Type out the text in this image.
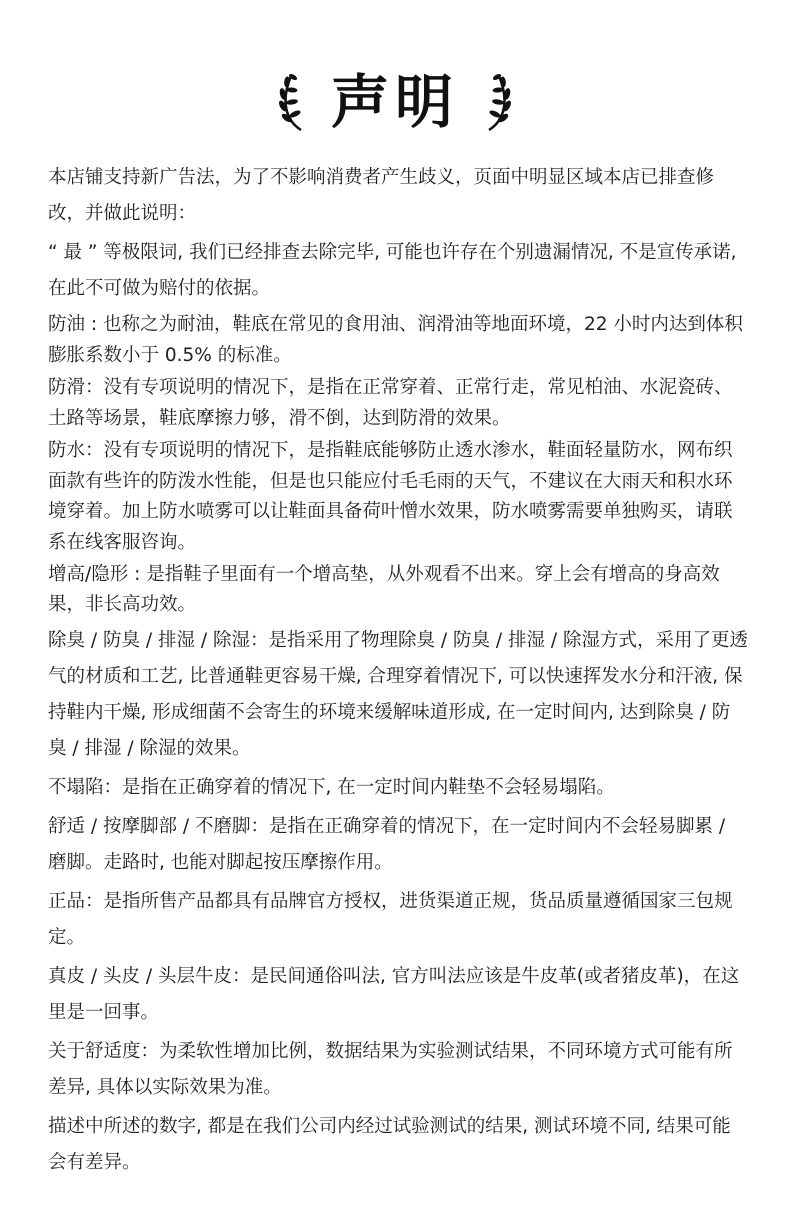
声明

本店铺支持新广告法，为了不影响消费者产生歧义，页面中明显区域本店已排查修改，并做此说明：

“ 最 ” 等极限词, 我们已经排查去除完毕, 可能也许存在个别遗漏情况, 不是宣传承诺, 在此不可做为赔付的依据。

防油 : 也称之为耐油，鞋底在常见的食用油、润滑油等地面环境，22 小时内达到体积膨胀系数小于 0.5% 的标准。

防滑：没有专项说明的情况下，是指在正常穿着、正常行走，常见柏油、水泥瓷砖、土路等场景，鞋底摩擦力够，滑不倒，达到防滑的效果。

防水：没有专项说明的情况下，是指鞋底能够防止透水渗水，鞋面轻量防水，网布织面款有些许的防泼水性能，但是也只能应付毛毛雨的天气，不建议在大雨天和积水环境穿着。加上防水喷雾可以让鞋面具备荷叶憎水效果，防水喷雾需要单独购买，请联系在线客服咨询。

增高/隐形 : 是指鞋子里面有一个增高垫，从外观看不出来。穿上会有增高的身高效果，非长高功效。

除臭 / 防臭 / 排湿 / 除湿：是指采用了物理除臭 / 防臭 / 排湿 / 除湿方式，采用了更透气的材质和工艺, 比普通鞋更容易干燥, 合理穿着情况下, 可以快速挥发水分和汗液, 保持鞋内干燥, 形成细菌不会寄生的环境来缓解味道形成, 在一定时间内, 达到除臭 / 防臭 / 排湿 / 除湿的效果。

不塌陷：是指在正确穿着的情况下, 在一定时间内鞋垫不会轻易塌陷。

舒适 / 按摩脚部 / 不磨脚：是指在正确穿着的情况下，在一定时间内不会轻易脚累 / 磨脚。走路时, 也能对脚起按压摩擦作用。

正品：是指所售产品都具有品牌官方授权，进货渠道正规，货品质量遵循国家三包规定。

真皮 / 头皮 / 头层牛皮：是民间通俗叫法, 官方叫法应该是牛皮革(或者猪皮革)，在这里是一回事。

关于舒适度：为柔软性增加比例，数据结果为实验测试结果，不同环境方式可能有所差异, 具体以实际效果为准。

描述中所述的数字, 都是在我们公司内经过试验测试的结果, 测试环境不同, 结果可能会有差异。
